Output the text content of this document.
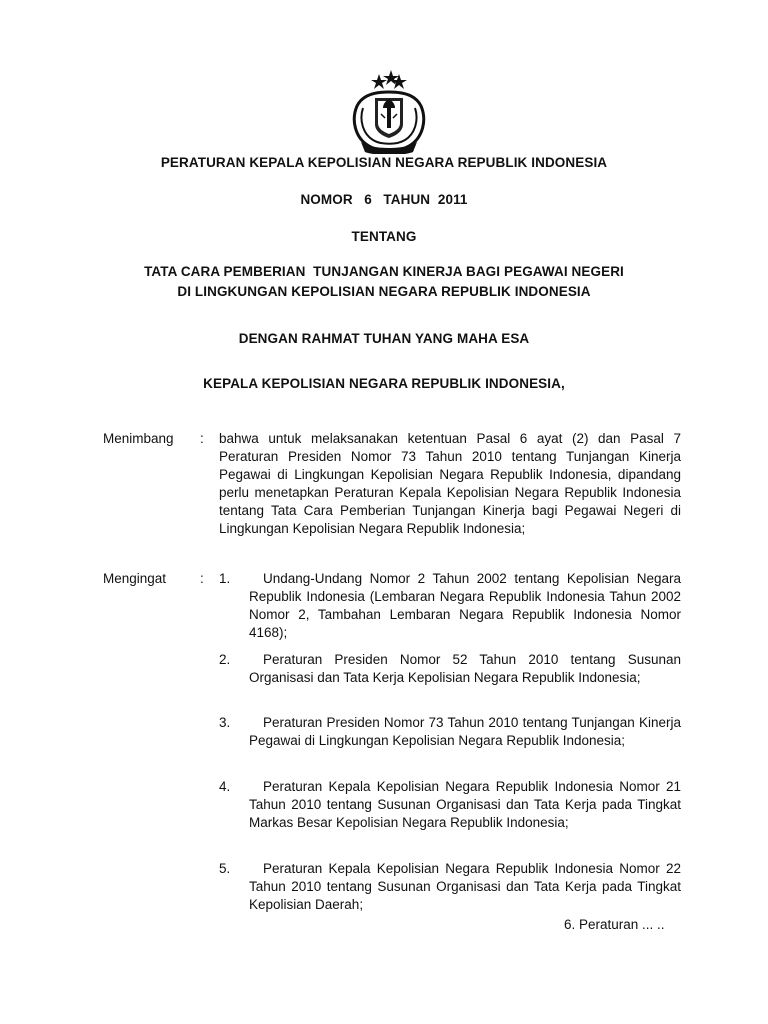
PERATURAN KEPALA KEPOLISIAN NEGARA REPUBLIK INDONESIA
NOMOR   6   TAHUN  2011
TENTANG
TATA CARA PEMBERIAN  TUNJANGAN KINERJA BAGI PEGAWAI NEGERI
DI LINGKUNGAN KEPOLISIAN NEGARA REPUBLIK INDONESIA
DENGAN RAHMAT TUHAN YANG MAHA ESA
KEPALA KEPOLISIAN NEGARA REPUBLIK INDONESIA,
Menimbang : bahwa untuk melaksanakan ketentuan Pasal 6 ayat (2) dan Pasal 7 Peraturan Presiden Nomor 73 Tahun 2010 tentang Tunjangan Kinerja Pegawai di Lingkungan Kepolisian Negara Republik Indonesia, dipandang perlu menetapkan Peraturan Kepala Kepolisian Negara Republik Indonesia tentang Tata Cara Pemberian Tunjangan Kinerja bagi Pegawai Negeri di Lingkungan Kepolisian Negara Republik Indonesia;
Mengingat	: 1.	Undang-Undang Nomor 2 Tahun 2002 tentang Kepolisian Negara Republik Indonesia (Lembaran Negara Republik Indonesia Tahun 2002 Nomor 2, Tambahan Lembaran Negara Republik Indonesia Nomor 4168);
2.	Peraturan Presiden Nomor 52 Tahun 2010 tentang Susunan Organisasi dan Tata Kerja Kepolisian Negara Republik Indonesia;
3.	Peraturan Presiden Nomor 73 Tahun 2010 tentang Tunjangan Kinerja Pegawai di Lingkungan Kepolisian Negara Republik Indonesia;
4.	Peraturan Kepala Kepolisian Negara Republik Indonesia Nomor 21 Tahun 2010 tentang Susunan Organisasi dan Tata Kerja pada Tingkat Markas Besar Kepolisian Negara Republik Indonesia;
5.	Peraturan Kepala Kepolisian Negara Republik Indonesia Nomor 22 Tahun 2010 tentang Susunan Organisasi dan Tata Kerja pada Tingkat Kepolisian Daerah;
6. Peraturan ... ..
